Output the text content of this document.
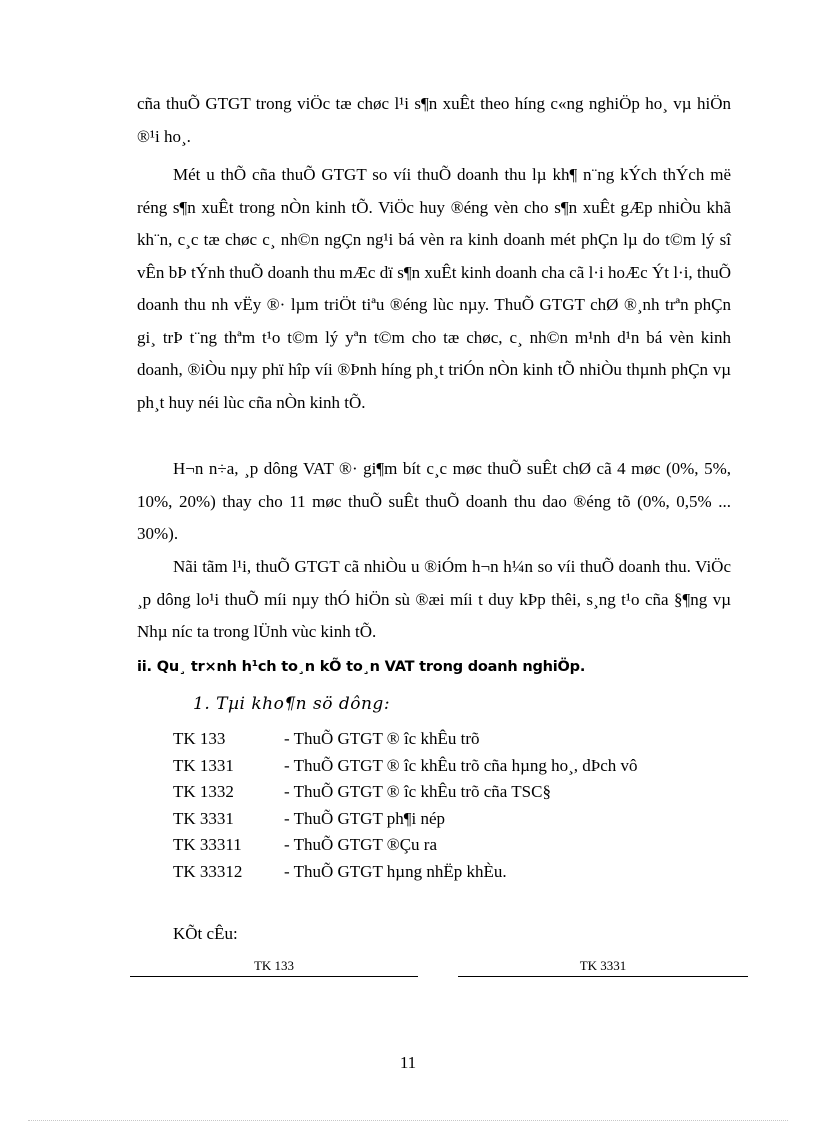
cña thuÕ GTGT trong viÖc tæ chøc l¹i s¶n xuÊt theo híng c«ng nghiÖp ho¸ vµ hiÖn ®¹i ho¸.

Mét u thÕ cña thuÕ GTGT so víi thuÕ doanh thu lµ kh¶ n¨ng kÝch thÝch më réng s¶n xuÊt trong nÒn kinh tÕ. ViÖc huy ®éng vèn cho s¶n xuÊt gÆp nhiÒu khã kh¨n, c¸c tæ chøc c¸ nh©n ngÇn ng¹i bá vèn ra kinh doanh mét phÇn lµ do t©m lý sî vÊn bÞ tÝnh thuÕ doanh thu mÆc dï s¶n xuÊt kinh doanh cha cã l·i hoÆc Ýt l·i, thuÕ doanh thu nh vËy ®· lµm triÖt tiªu ®éng lùc nµy. ThuÕ GTGT chØ ®¸nh trªn phÇn gi¸ trÞ t¨ng thªm t¹o t©m lý yªn t©m cho tæ chøc, c¸ nh©n m¹nh d¹n bá vèn kinh doanh, ®iÒu nµy phï hîp víi ®Þnh híng ph¸t triÓn nÒn kinh tÕ nhiÒu thµnh phÇn vµ ph¸t huy néi lùc cña nÒn kinh tÕ.

H¬n n÷a, ¸p dông VAT ®· gi¶m bít c¸c møc thuÕ suÊt chØ cã 4 møc (0%, 5%, 10%, 20%) thay cho 11 møc thuÕ suÊt thuÕ doanh thu dao ®éng tõ (0%, 0,5% ... 30%).

Nãi tãm l¹i, thuÕ GTGT cã nhiÒu u ®iÓm h¬n h¼n so víi thuÕ doanh thu. ViÖc ¸p dông lo¹i thuÕ míi nµy thÓ hiÖn sù ®æi míi t duy kÞp thêi, s¸ng t¹o cña §¶ng vµ Nhµ níc ta trong lÜnh vùc kinh tÕ.

ii. Qu¸ tr×nh h¹ch to¸n kÕ to¸n VAT trong doanh nghiÖp.
1. Tµi kho¶n sö dông:
TK 133	- ThuÕ GTGT ® îc khÊu trõ
TK 1331	- ThuÕ GTGT ® îc khÊu trõ cña hµng ho¸, dÞch vô
TK 1332	- ThuÕ GTGT ® îc khÊu trõ cña TSC§
TK 3331	- ThuÕ GTGT ph¶i nép
TK 33311	- ThuÕ GTGT ®Çu ra
TK 33312	- ThuÕ GTGT hµng nhËp khÈu.
KÕt cÊu:
TK 133	TK 3331
11
